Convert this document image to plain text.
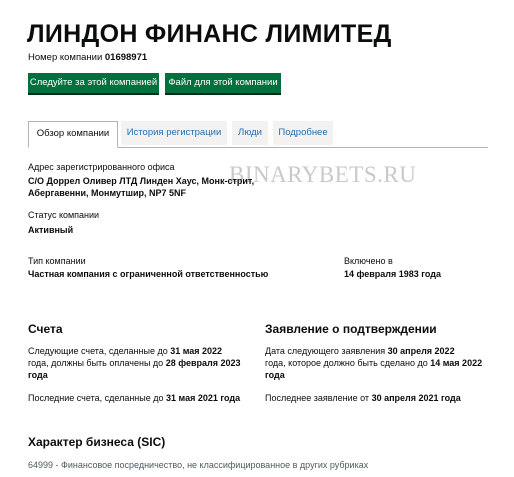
ЛИНДОН ФИНАНС ЛИМИТЕД
Номер компании 01698971
Следуйте за этой компанией	Файл для этой компании
Обзор компании	История регистрации	Люди	Подробнее
BINARYBETS.RU
Адрес зарегистрированного офиса
C/O Доррел Оливер ЛТД Линден Хаус, Монк-стрит,
Абергавенни, Монмутшир, NP7 5NF
Статус компании
Активный
Тип компании
Частная компания с ограниченной ответственностью
Включено в
14 февраля 1983 года
Счета
Следующие счета, сделанные до 31 мая 2022
года, должны быть оплачены до 28 февраля 2023
года
Последние счета, сделанные до 31 мая 2021 года
Заявление о подтверждении
Дата следующего заявления 30 апреля 2022
года, которое должно быть сделано до 14 мая 2022
года
Последнее заявление от 30 апреля 2021 года
Характер бизнеса (SIC)
64999 - Финансовое посредничество, не классифицированное в других рубриках
